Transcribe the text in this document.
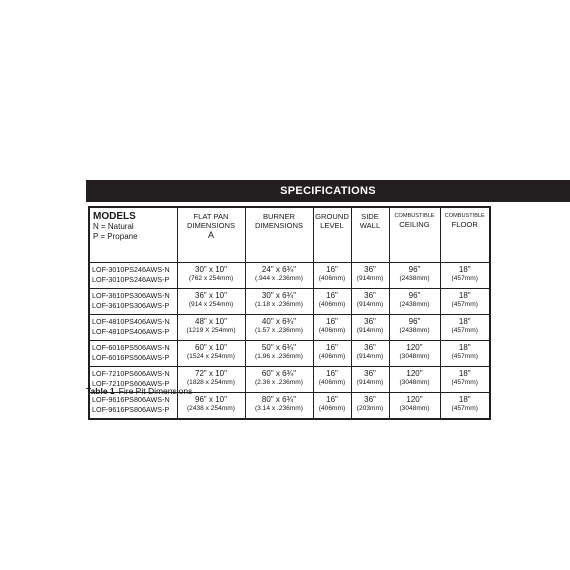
SPECIFICATIONS
MODELS
N = Natural
P = Propane	FLAT PAN
DIMENSIONS
A	BURNER
DIMENSIONS	GROUND
LEVEL	SIDE
WALL	COMBUSTIBLE
CEILING	COMBUSTIBLE
FLOOR

LOF-3010PS246AWS-N
LOF-3010PS246AWS-P	30" x 10"
(762 x 254mm)	24" x 6¾"
(.944 x .236mm)	16"
(406mm)	36"
(914mm)	96"
(2438mm)	18"
(457mm)

LOF-3610PS306AWS-N
LOF-3610PS306AWS-P	36" x 10"
(914 x 254mm)	30" x 6¾"
(1.18 x .236mm)	16"
(406mm)	36"
(914mm)	96"
(2438mm)	18"
(457mm)

LOF-4810PS406AWS-N
LOF-4810PS406AWS-P	48" x 10"
(1219 X 254mm)	40" x 6¾"
(1.57 x .236mm)	16"
(406mm)	36"
(914mm)	96"
(2438mm)	18"
(457mm)

LOF-6016PS506AWS-N
LOF-6016PS506AWS-P	60" x 10"
(1524 x 254mm)	50" x 6¾"
(1.96 x .236mm)	16"
(406mm)	36"
(914mm)	120"
(3048mm)	18"
(457mm)

LOF-7210PS606AWS-N
LOF-7210PS606AWS-P	72" x 10"
(1828 x 254mm)	60" x 6¾"
(2.36 x .236mm)	16"
(406mm)	36"
(914mm)	120"
(3048mm)	18"
(457mm)

LOF-9616PS806AWS-N
LOF-9616PS806AWS-P	96" x 10"
(2438 x 254mm)	80" x 6¾"
(3.14 x .236mm)	16"
(406mm)	36"
(203mm)	120"
(3048mm)	18"
(457mm)
Table 1 Fire Pit Dimensions
